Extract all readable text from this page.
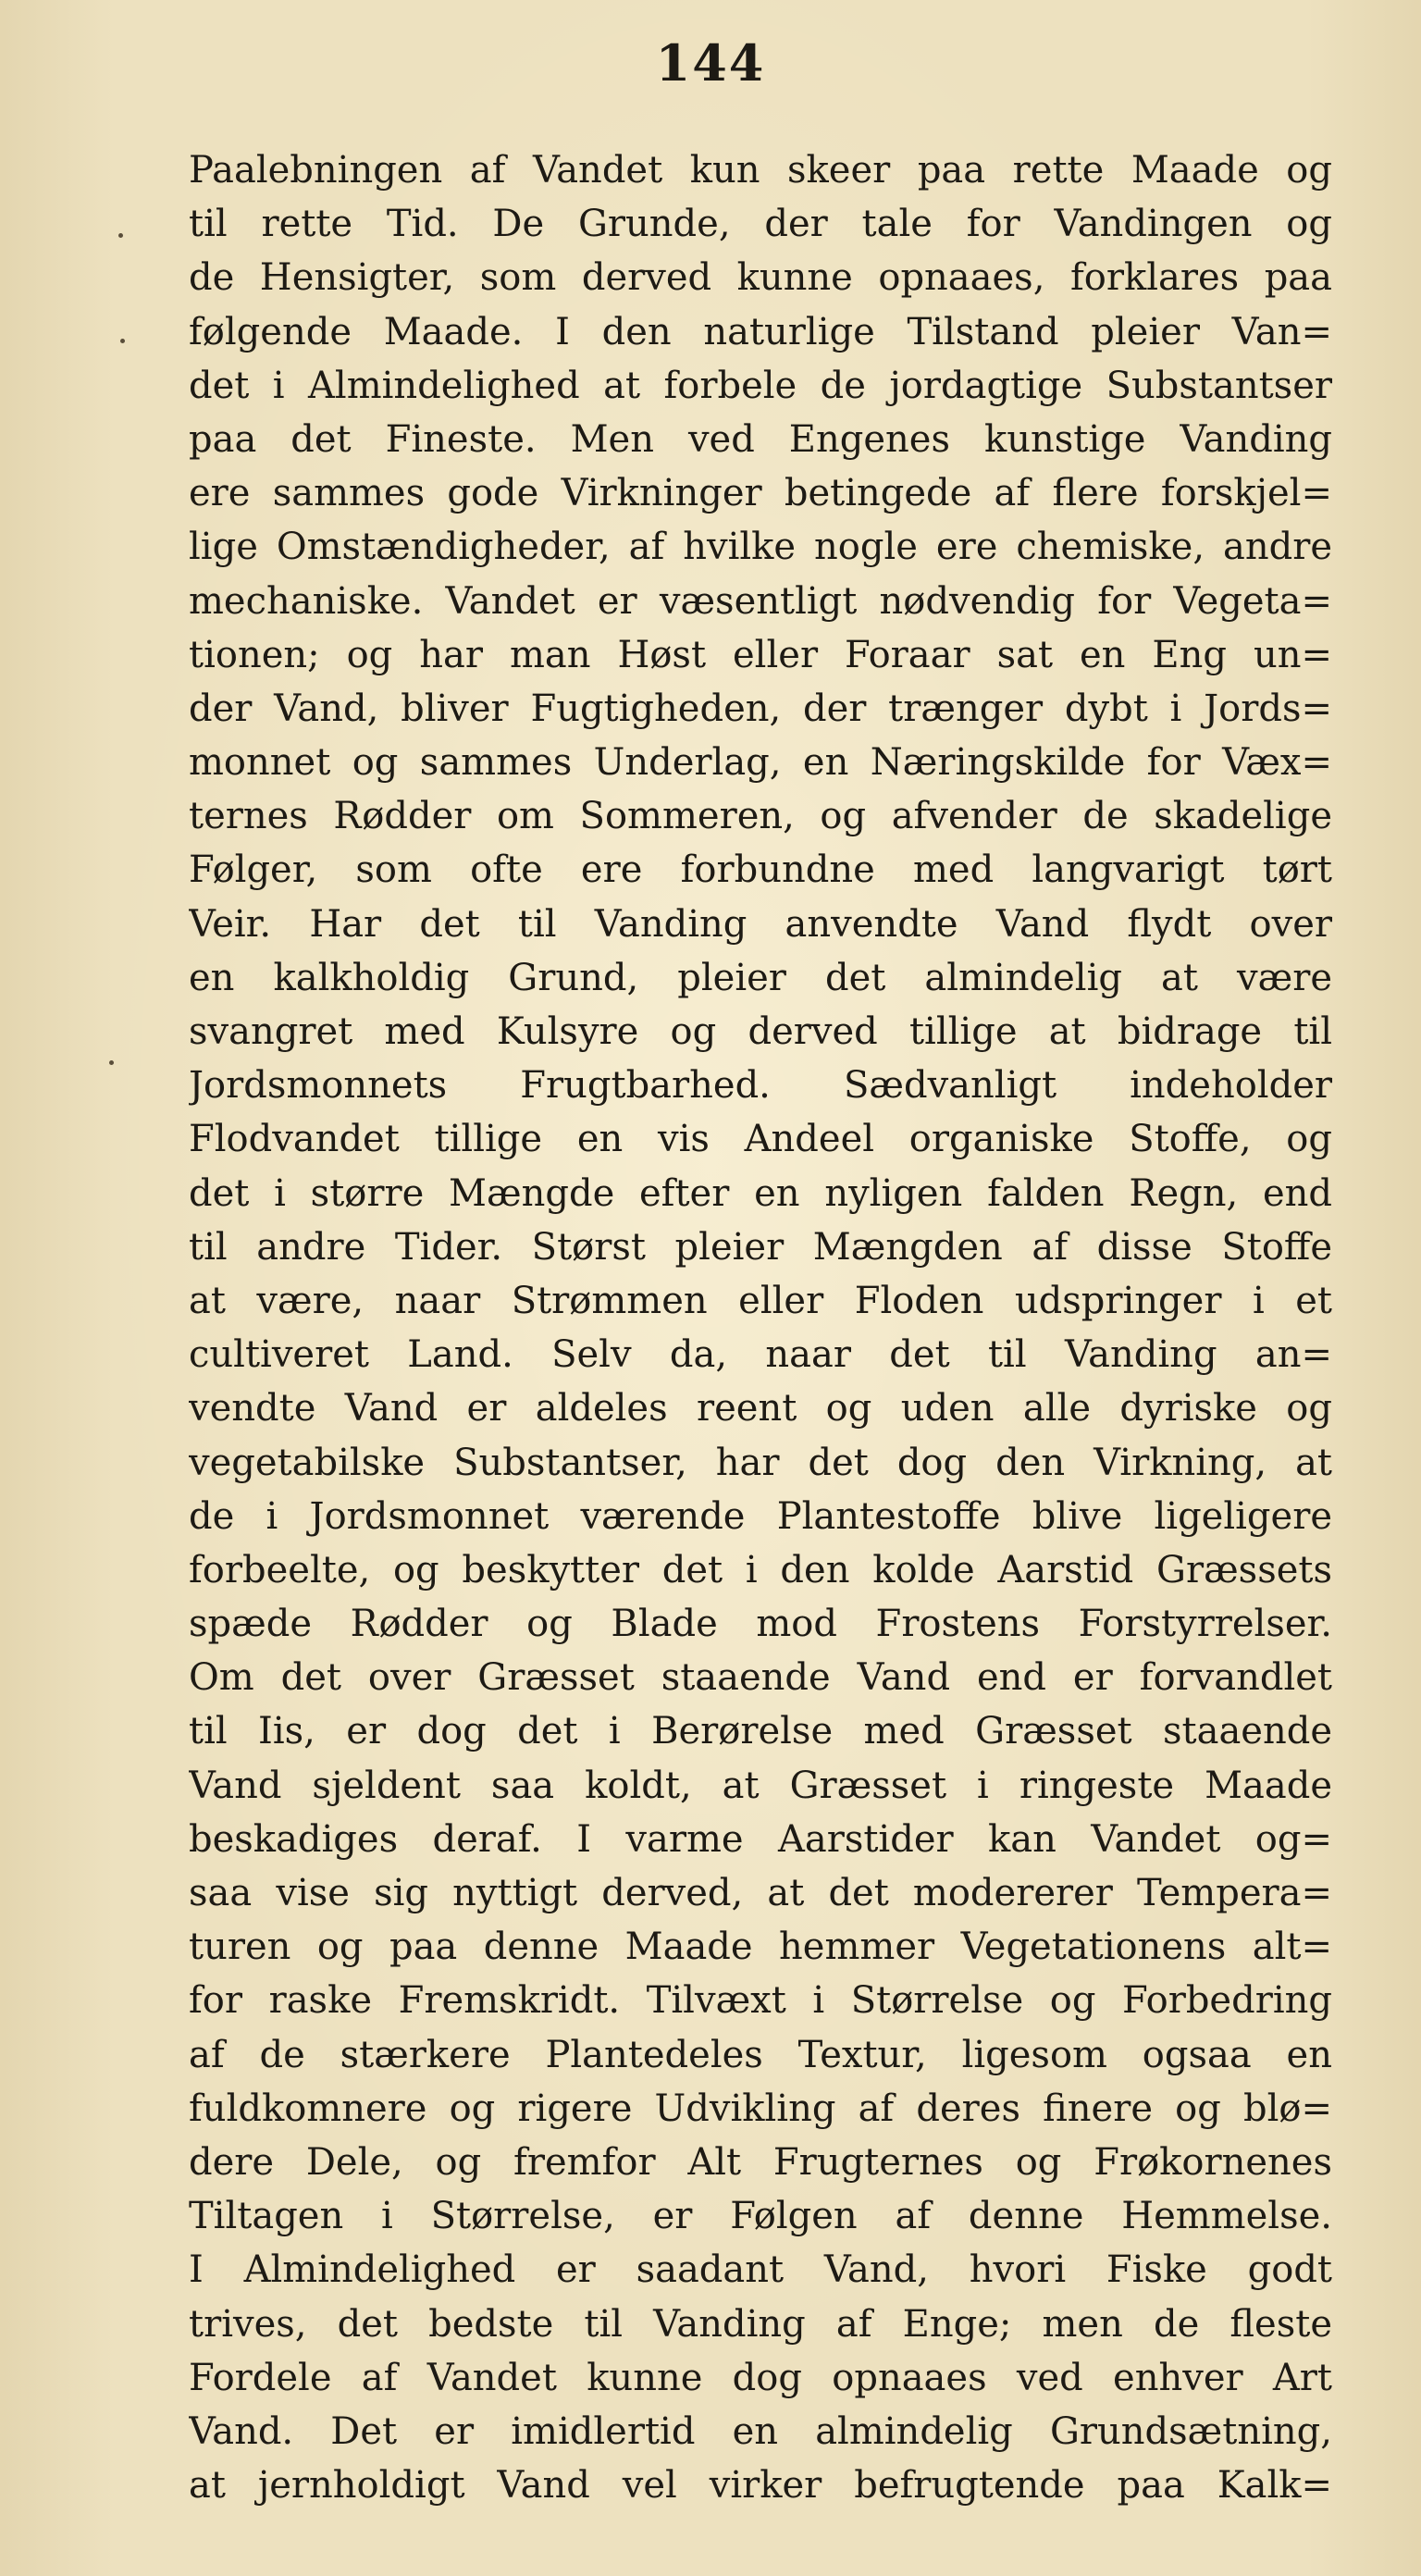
144
Paalebningen af Vandet kun skeer paa rette Maade og
til rette Tid. De Grunde, der tale for Vandingen og
de Hensigter, som derved kunne opnaaes, forklares paa
følgende Maade. I den naturlige Tilstand pleier Van=
det i Almindelighed at forbele de jordagtige Substantser
paa det Fineste. Men ved Engenes kunstige Vanding
ere sammes gode Virkninger betingede af flere forskjel=
lige Omstændigheder, af hvilke nogle ere chemiske, andre
mechaniske. Vandet er væsentligt nødvendig for Vegeta=
tionen; og har man Høst eller Foraar sat en Eng un=
der Vand, bliver Fugtigheden, der trænger dybt i Jords=
monnet og sammes Underlag, en Næringskilde for Væx=
ternes Rødder om Sommeren, og afvender de skadelige
Følger, som ofte ere forbundne med langvarigt tørt
Veir. Har det til Vanding anvendte Vand flydt over
en kalkholdig Grund, pleier det almindelig at være
svangret med Kulsyre og derved tillige at bidrage til
Jordsmonnets Frugtbarhed. Sædvanligt indeholder
Flodvandet tillige en vis Andeel organiske Stoffe, og
det i større Mængde efter en nyligen falden Regn, end
til andre Tider. Størst pleier Mængden af disse Stoffe
at være, naar Strømmen eller Floden udspringer i et
cultiveret Land. Selv da, naar det til Vanding an=
vendte Vand er aldeles reent og uden alle dyriske og
vegetabilske Substantser, har det dog den Virkning, at
de i Jordsmonnet værende Plantestoffe blive ligeligere
forbeelte, og beskytter det i den kolde Aarstid Græssets
spæde Rødder og Blade mod Frostens Forstyrrelser.
Om det over Græsset staaende Vand end er forvandlet
til Iis, er dog det i Berørelse med Græsset staaende
Vand sjeldent saa koldt, at Græsset i ringeste Maade
beskadiges deraf. I varme Aarstider kan Vandet og=
saa vise sig nyttigt derved, at det modererer Tempera=
turen og paa denne Maade hemmer Vegetationens alt=
for raske Fremskridt. Tilvæxt i Størrelse og Forbedring
af de stærkere Plantedeles Textur, ligesom ogsaa en
fuldkomnere og rigere Udvikling af deres finere og blø=
dere Dele, og fremfor Alt Frugternes og Frøkornenes
Tiltagen i Størrelse, er Følgen af denne Hemmelse.
I Almindelighed er saadant Vand, hvori Fiske godt
trives, det bedste til Vanding af Enge; men de fleste
Fordele af Vandet kunne dog opnaaes ved enhver Art
Vand. Det er imidlertid en almindelig Grundsætning,
at jernholdigt Vand vel virker befrugtende paa Kalk=
